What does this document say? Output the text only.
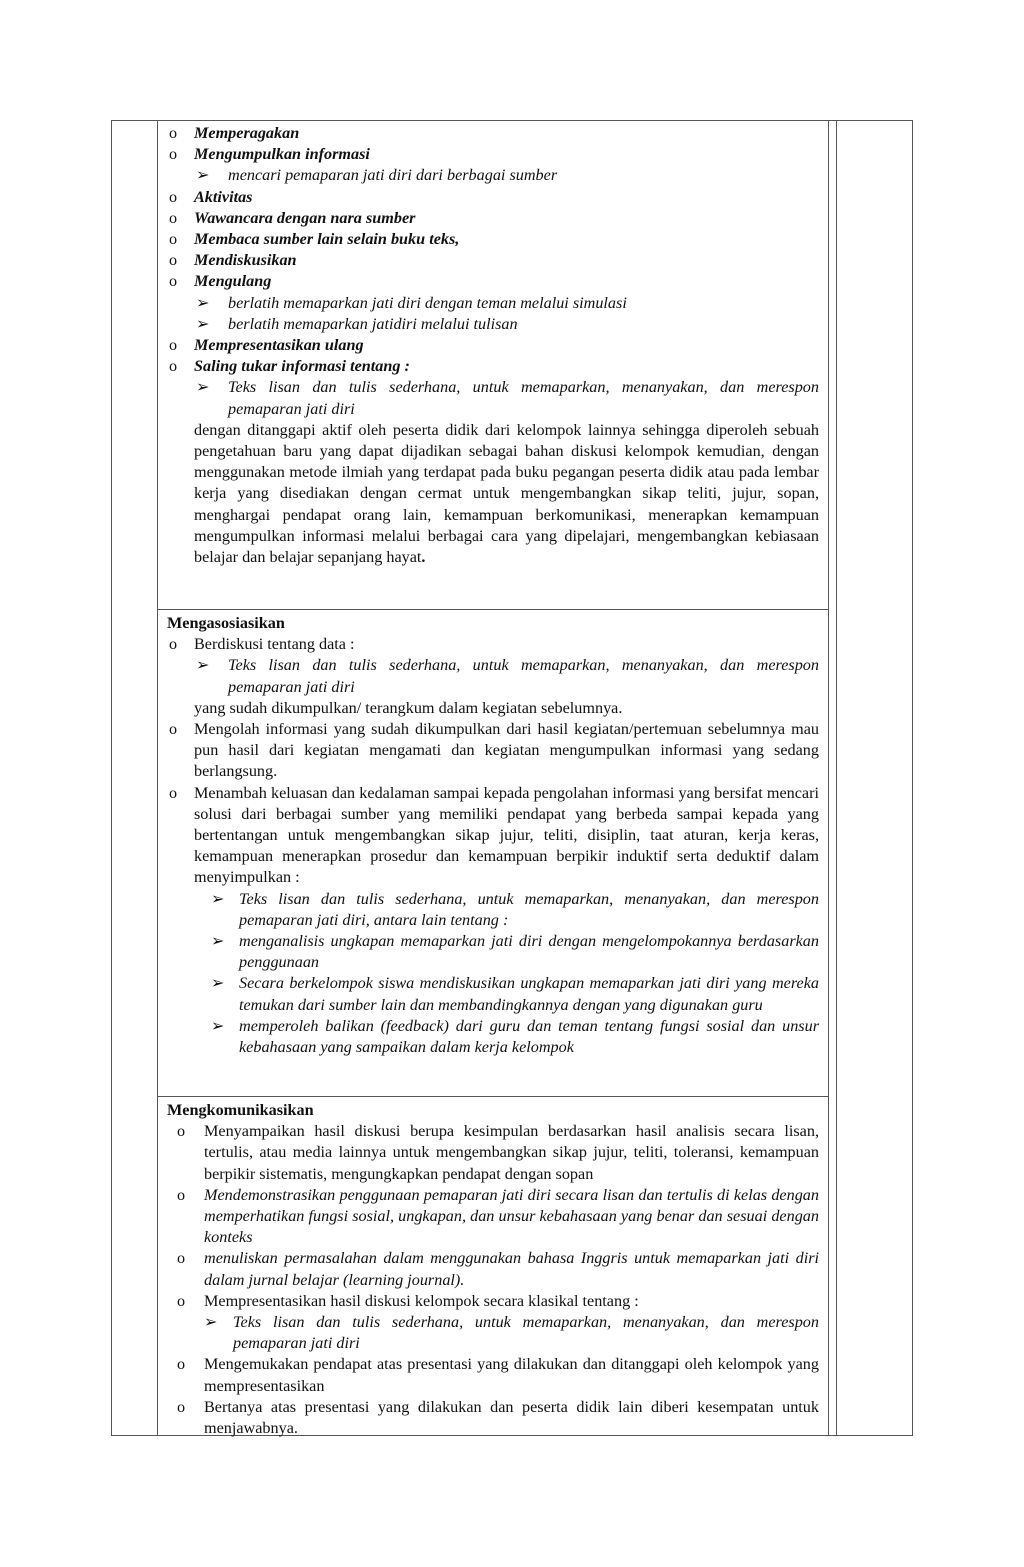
o	Memperagakan
o	Mengumpulkan informasi
➢	mencari pemaparan jati diri dari berbagai sumber
o	Aktivitas
o	Wawancara dengan nara sumber
o	Membaca sumber lain selain buku teks,
o	Mendiskusikan
o	Mengulang
➢	berlatih memaparkan jati diri dengan teman melalui simulasi
➢	berlatih memaparkan jatidiri melalui tulisan
o	Mempresentasikan ulang
o	Saling tukar informasi tentang :
➢	Teks lisan dan tulis sederhana, untuk memaparkan, menanyakan, dan merespon pemaparan jati diri
dengan ditanggapi aktif oleh peserta didik dari kelompok lainnya sehingga diperoleh sebuah pengetahuan baru yang dapat dijadikan sebagai bahan diskusi kelompok kemudian, dengan menggunakan metode ilmiah yang terdapat pada buku pegangan peserta didik atau pada lembar kerja yang disediakan dengan cermat untuk mengembangkan sikap teliti, jujur, sopan, menghargai pendapat orang lain, kemampuan berkomunikasi, menerapkan kemampuan mengumpulkan informasi melalui berbagai cara yang dipelajari, mengembangkan kebiasaan belajar dan belajar sepanjang hayat.
Mengasosiasikan
o	Berdiskusi tentang data :
➢	Teks lisan dan tulis sederhana, untuk memaparkan, menanyakan, dan merespon pemaparan jati diri
yang sudah dikumpulkan/ terangkum dalam kegiatan sebelumnya.
o	Mengolah informasi yang sudah dikumpulkan dari hasil kegiatan/pertemuan sebelumnya mau pun hasil dari kegiatan mengamati dan kegiatan mengumpulkan informasi yang sedang berlangsung.
o	Menambah keluasan dan kedalaman sampai kepada pengolahan informasi yang bersifat mencari solusi dari berbagai sumber yang memiliki pendapat yang berbeda sampai kepada yang bertentangan untuk mengembangkan sikap jujur, teliti, disiplin, taat aturan, kerja keras, kemampuan menerapkan prosedur dan kemampuan berpikir induktif serta deduktif dalam menyimpulkan :
➢ Teks lisan dan tulis sederhana, untuk memaparkan, menanyakan, dan merespon pemaparan jati diri, antara lain tentang :
➢ menganalisis ungkapan memaparkan jati diri dengan mengelompokannya berdasarkan penggunaan
➢ Secara berkelompok siswa mendiskusikan ungkapan memaparkan jati diri yang mereka temukan dari sumber lain dan membandingkannya dengan yang digunakan guru
➢ memperoleh balikan (feedback) dari guru dan teman tentang fungsi sosial dan unsur kebahasaan yang sampaikan dalam kerja kelompok
Mengkomunikasikan
o	Menyampaikan hasil diskusi berupa kesimpulan berdasarkan hasil analisis secara lisan, tertulis, atau media lainnya untuk mengembangkan sikap jujur, teliti, toleransi, kemampuan berpikir sistematis, mengungkapkan pendapat dengan sopan
o	Mendemonstrasikan penggunaan pemaparan jati diri secara lisan dan tertulis di kelas dengan memperhatikan fungsi sosial, ungkapan, dan unsur kebahasaan yang benar dan sesuai dengan konteks
o	menuliskan permasalahan dalam menggunakan bahasa Inggris untuk memaparkan jati diri dalam jurnal belajar (learning journal).
o	Mempresentasikan hasil diskusi kelompok secara klasikal tentang :
➢ Teks lisan dan tulis sederhana, untuk memaparkan, menanyakan, dan merespon pemaparan jati diri
o	Mengemukakan pendapat atas presentasi yang dilakukan dan ditanggapi oleh kelompok yang mempresentasikan
o	Bertanya atas presentasi yang dilakukan dan peserta didik lain diberi kesempatan untuk menjawabnya.
